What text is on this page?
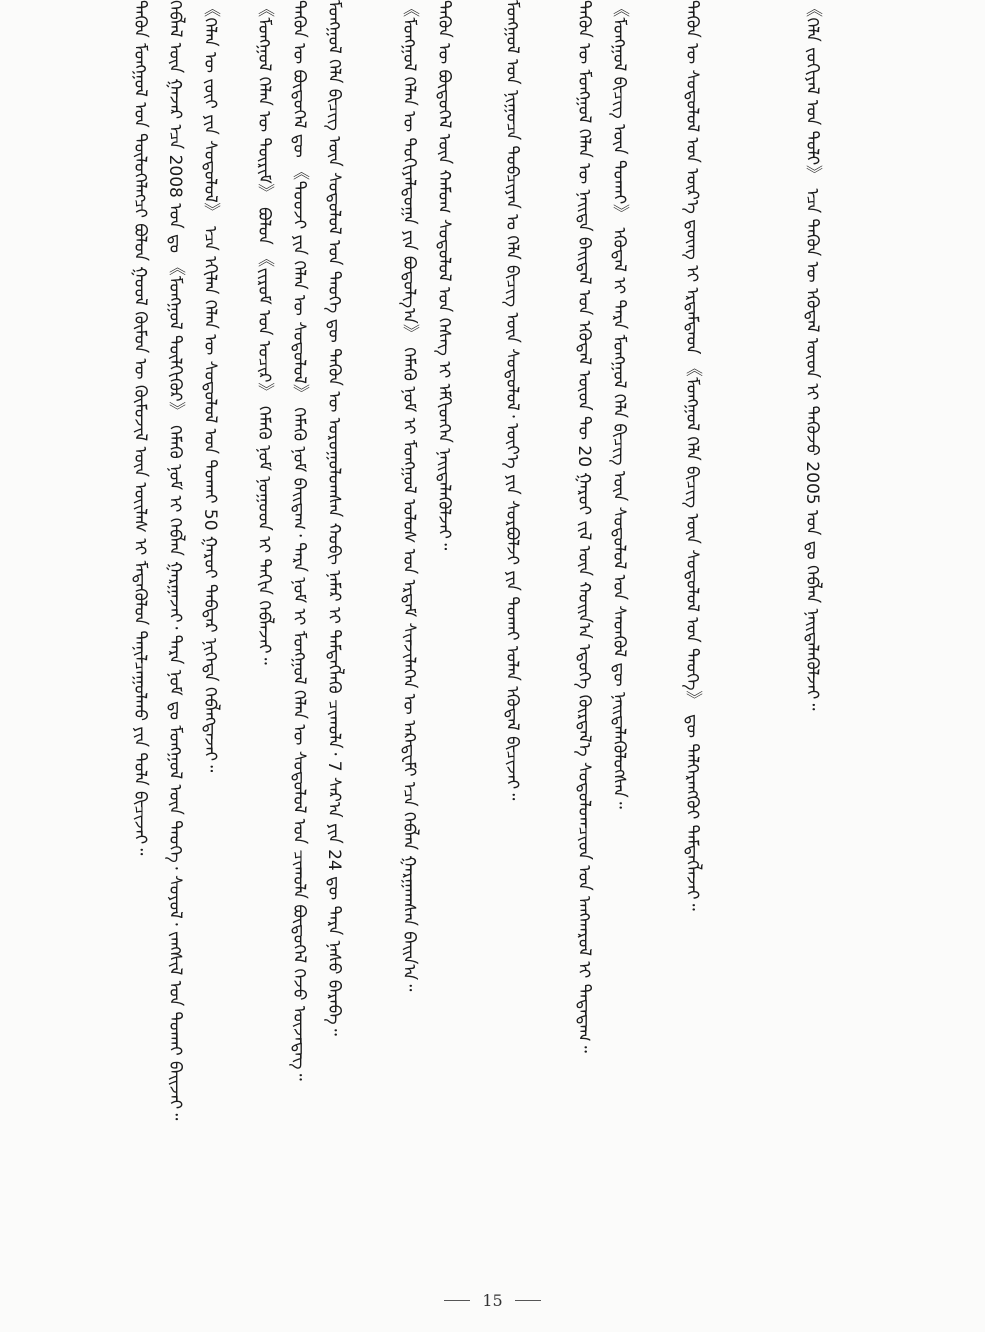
ᠲᠡᠭᠦᠨ ᠮᠣᠩᠭᠣᠯ ᠤᠨ ᠲᠦᠯᠦᠭᠡᠯᠡᠭᠴᠢ ᠪᠣᠯᠤᠨ ᠭᠣᠣᠯ ᠬᠦᠮᠦᠨ ᠦ ᠬᠦᠮᠦᠵᠢᠯ ᠦᠨ ᠦᠢᠯᠡᠰ ᠢ ᠮᠡᠳᠡᠭᠦᠯᠦᠨ ᠲᠠᠨᠢᠯᠴᠠᠭᠤᠯᠬᠤ ᠶᠢᠨ ᠲᠤᠯᠠ ᠪᠢᠴᠢᠵᠡᠢ᠃ ᠬᠡᠪᠯᠡᠯ ᠦᠨ ᠭᠠᠵᠠᠷ ᠡᠴᠡ 2008 ᠣᠨ ᠳᠤ 《ᠮᠣᠩᠭᠣᠯ ᠲᠦᠯᠬᠢᠭᠦᠷ》 ᠬᠡᠮᠡᠬᠦ ᠨᠣᠮ ᠢ ᠬᠡᠪᠯᠡᠨ ᠭᠠᠷᠭᠠᠵᠠᠢ᠂ ᠲᠡᠷᠡ ᠨᠣᠮ ᠳᠤ ᠮᠣᠩᠭᠣᠯ ᠦᠨ ᠲᠡᠦᠬᠡ᠂ ᠰᠣᠶᠣᠯ᠂ ᠵᠠᠩᠱᠢᠯ ᠤᠨ ᠲᠤᠬᠠᠢ ᠪᠠᠢᠵᠠᠢ᠃ 《ᠬᠡᠯᠡᠨ ᠦ ᠵᠦᠢ ᠶᠢᠨ ᠰᠤᠳᠤᠯᠤᠯ》 ᠡᠴᠡ ᠡᠬᠢᠯᠡᠨ ᠬᠡᠯᠡᠨ ᠦ ᠰᠤᠳᠤᠯᠤᠯ ᠤᠨ ᠲᠤᠬᠠᠢ 50 ᠭᠠᠷᠤᠢ ᠳᠡᠪᠲᠡᠷ ᠨᠢᠭᠡᠲᠡ ᠬᠡᠪᠯᠡᠭᠳᠡᠵᠡᠢ᠃ 《ᠮᠣᠩᠭᠣᠯ ᠬᠡᠯᠡᠨ ᠦ ᠳᠦᠷᠢᠮ》 ᠪᠣᠯᠤᠨ 《ᠵᠢᠷᠤᠮ ᠤᠨ ᠤᠴᠢᠷ》 ᠬᠡᠮᠡᠬᠦ ᠨᠣᠮ ᠨᠤᠭᠤᠳ ᠢ ᠳᠠᠬᠢᠨ ᠬᠡᠪᠯᠡᠵᠡᠢ᠃ ᠲᠡᠭᠦᠨ ᠦ ᠪᠦᠲᠦᠭᠡᠯ ᠳᠦ 《ᠲᠤᠤᠵᠢ ᠶᠢᠨ ᠬᠡᠯᠡᠨ ᠦ ᠰᠤᠳᠤᠯᠤᠯ》 ᠬᠡᠮᠡᠬᠦ ᠨᠣᠮ ᠪᠠᠢᠳᠠᠭ᠂ ᠲᠡᠷᠡ ᠨᠣᠮ ᠢ ᠮᠣᠩᠭᠣᠯ ᠬᠡᠯᠡᠨ ᠦ ᠰᠤᠳᠤᠯᠤᠯ ᠤᠨ ᠴᠢᠬᠤᠯᠠ ᠪᠦᠲᠦᠭᠡᠯ ᠭᠡᠵᠦ ᠦᠵᠡᠳᠡᠭ᠃ ᠮᠣᠩᠭᠣᠯ ᠬᠡᠯᠡ ᠪᠢᠴᠢᠭ ᠦᠨ ᠰᠤᠳᠤᠯᠤᠯ ᠤᠨ ᠲᠡᠦᠬᠡ ᠳᠦ ᠲᠡᠭᠦᠨ ᠦ ᠣᠷᠤᠭᠤᠯᠤᠭᠰᠠᠨ ᠬᠤᠪᠢ ᠨᠡᠮᠡᠷ ᠢ ᠲᠡᠮᠳᠡᠭᠯᠡᠬᠦ ᠴᠢᠬᠤᠯᠠ᠂ 7 ᠰᠠᠷ᠎ᠠ ᠶᠢᠨ 24 ᠳᠦ ᠲᠡᠷᠡ ᠨᠠᠰᠤ ᠪᠠᠷᠠᠪᠠ᠃	《ᠮᠣᠩᠭᠣᠯ ᠬᠡᠯᠡᠨ ᠦ ᠲᠣᠬᠢᠶᠠᠯᠳᠤᠭᠠ ᠶᠢᠨ ᠪᠣᠳᠤᠯᠭ᠎ᠠ》 ᠬᠡᠮᠡᠬᠦ ᠨᠣᠮ ᠢ ᠮᠣᠩᠭᠣᠯ ᠤᠯᠤᠰ ᠤᠨ ᠡᠷᠳᠡᠮ ᠰᠢᠨᠵᠢᠯᠡᠭᠡᠨ ᠦ ᠠᠺᠠᠳ᠋ᠧᠮᠢ ᠡᠴᠡ ᠬᠡᠪᠯᠡᠨ ᠭᠠᠷᠭᠠᠭᠰᠠᠨ ᠪᠠᠢᠨ᠎ᠠ᠃ ᠲᠡᠭᠦᠨ ᠦ ᠪᠦᠲᠦᠭᠡᠯ ᠦᠨ ᠬᠠᠮᠤᠭ ᠰᠤᠳᠤᠯᠤᠯ ᠤᠨ ᠬᠡᠰᠡᠭ ᠢ ᠡᠮᠬᠢᠳᠬᠡᠨ ᠨᠡᠢᠲᠡᠯᠡᠭᠦᠯᠵᠡᠢ᠃	ᠮᠣᠩᠭᠣᠯ ᠤᠨ ᠨᠢᠭᠤᠴᠠ ᠲᠣᠪᠴᠢᠶᠠᠨ ᠤ ᠬᠡᠯᠡ ᠪᠢᠴᠢᠭ ᠦᠨ ᠰᠤᠳᠤᠯᠤᠯ᠂ ᠦᠶ᠎ᠡ ᠶᠢᠨ ᠰᠤᠷᠪᠤᠯᠵᠢ ᠶᠢᠨ ᠲᠤᠬᠠᠢ ᠣᠯᠠᠨ ᠡᠭᠦᠳᠡᠯ ᠪᠢᠴᠢᠵᠡᠢ᠃	ᠲᠡᠭᠦᠨ ᠦ ᠮᠣᠩᠭᠣᠯ ᠬᠡᠯᠡᠨ ᠦ ᠨᠡᠢᠲᠡ ᠪᠠᠢᠳᠠᠯ ᠤᠨ ᠡᠭᠦᠳᠡᠯ ᠦᠳ ᠲᠦ 20 ᠭᠠᠷᠤᠢ ᠵᠢᠯ ᠦᠨ ᠬᠣᠢᠨ᠎ᠠ ᠡᠳᠦᠭᠡ ᠬᠦᠷᠲᠡᠯ᠎ᠡ ᠰᠤᠳᠤᠯᠤᠭᠴᠢᠳ ᠤᠨ ᠠᠩᠬᠠᠷᠤᠯ ᠢ ᠲᠠᠲᠠᠳᠠᠭ᠃ 《ᠮᠣᠩᠭᠣᠯ ᠪᠢᠴᠢᠭ ᠦᠨ ᠲᠤᠬᠠᠢ》 ᠡᠭᠦᠳᠡᠯ ᠢ ᠲᠡᠷᠡ ᠮᠣᠩᠭᠣᠯ ᠬᠡᠯᠡ ᠪᠢᠴᠢᠭ ᠦᠨ ᠰᠤᠳᠤᠯᠤᠯ ᠤᠨ ᠰᠡᠳᠭᠦᠯ ᠳᠦ ᠨᠡᠢᠲᠡᠯᠡᠭᠦᠯᠦᠭᠰᠡᠨ᠃	ᠲᠡᠭᠦᠨ ᠦ ᠰᠤᠳᠤᠯᠤᠯ ᠤᠨ ᠦᠷ᠎ᠡ ᠳ᠋ᠦᠩ ᠢ ᠡᠷᠳᠡᠮᠲᠡᠳ 《ᠮᠣᠩᠭᠣᠯ ᠬᠡᠯᠡ ᠪᠢᠴᠢᠭ ᠦᠨ ᠰᠤᠳᠤᠯᠤᠯ ᠤᠨ ᠲᠡᠦᠬᠡ》 ᠳᠦ ᠳᠡᠯᠭᠡᠷᠡᠩᠭᠦᠢ ᠲᠡᠮᠳᠡᠭᠯᠡᠵᠡᠢ᠃	《ᠬᠡᠯᠡ ᠵᠣᠬᠢᠶᠠᠯ ᠤᠨ ᠲᠣᠯᠢ》 ᠡᠴᠡ ᠲᠡᠭᠦᠨ ᠦ ᠡᠭᠦᠳᠡᠯ ᠦᠳ ᠢ ᠲᠡᠭᠦᠵᠦ 2005 ᠣᠨ ᠳᠤ ᠬᠡᠪᠯᠡᠨ ᠨᠡᠢᠲᠡᠯᠡᠭᠦᠯᠵᠡᠢ᠃
15
